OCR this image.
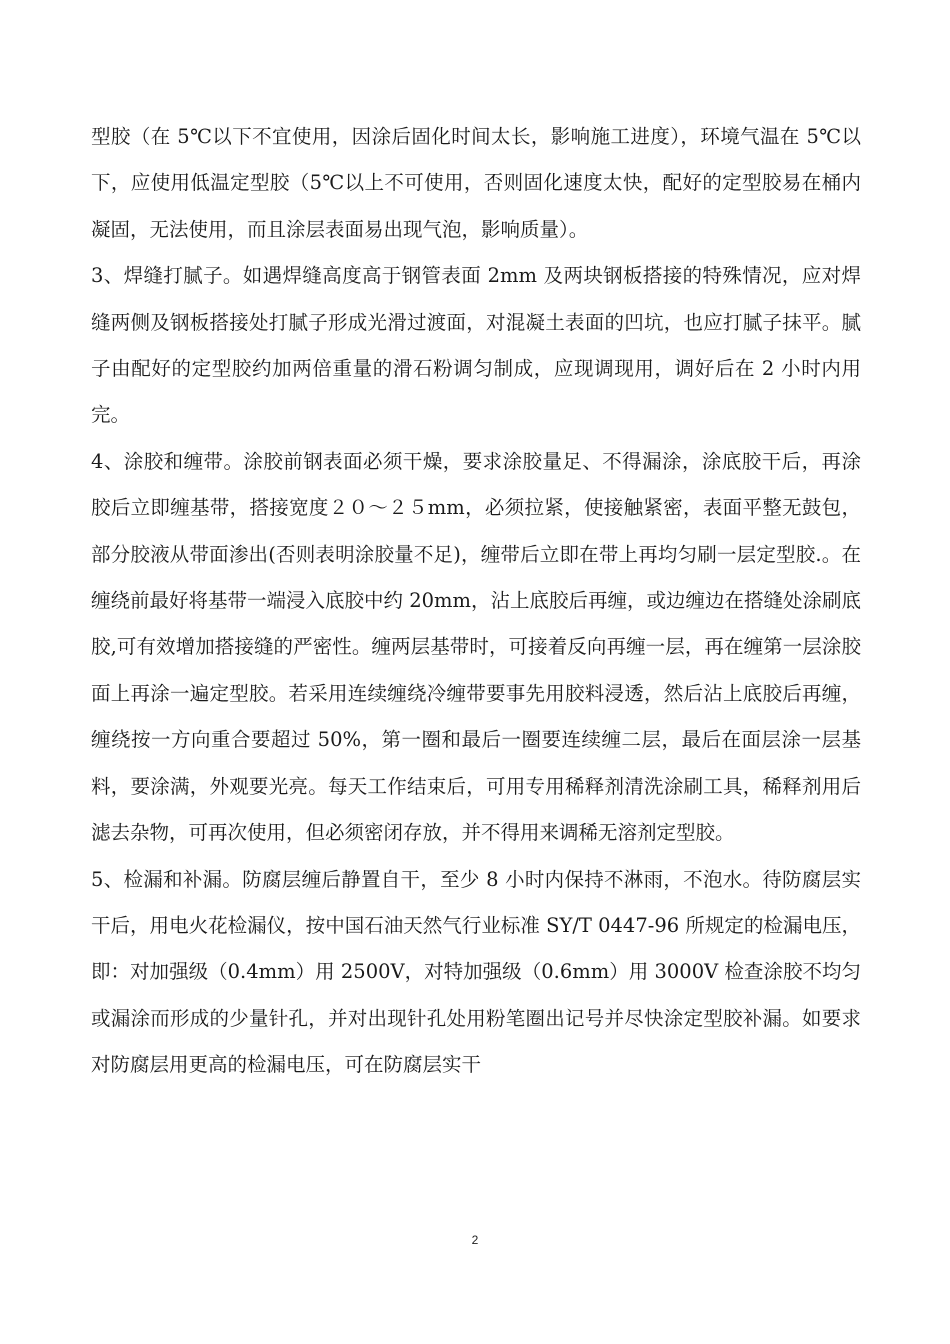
型胶（在 5℃以下不宜使用，因涂后固化时间太长，影响施工进度），环境气温在 5℃以下，应使用低温定型胶（5℃以上不可使用，否则固化速度太快，配好的定型胶易在桶内凝固，无法使用，而且涂层表面易出现气泡，影响质量）。

3、焊缝打腻子。如遇焊缝高度高于钢管表面 2mm 及两块钢板搭接的特殊情况，应对焊缝两侧及钢板搭接处打腻子形成光滑过渡面，对混凝土表面的凹坑，也应打腻子抹平。腻子由配好的定型胶约加两倍重量的滑石粉调匀制成，应现调现用，调好后在 2 小时内用完。

4、涂胶和缠带。涂胶前钢表面必须干燥，要求涂胶量足、不得漏涂，涂底胶干后，再涂胶后立即缠基带，搭接宽度２０～２５mm，必须拉紧，使接触紧密，表面平整无鼓包，部分胶液从带面渗出(否则表明涂胶量不足)，缠带后立即在带上再均匀刷一层定型胶.。在缠绕前最好将基带一端浸入底胶中约 20mm，沾上底胶后再缠，或边缠边在搭缝处涂刷底胶,可有效增加搭接缝的严密性。缠两层基带时，可接着反向再缠一层，再在缠第一层涂胶面上再涂一遍定型胶。若采用连续缠绕冷缠带要事先用胶料浸透，然后沾上底胶后再缠，缠绕按一方向重合要超过 50%，第一圈和最后一圈要连续缠二层，最后在面层涂一层基料，要涂满，外观要光亮。每天工作结束后，可用专用稀释剂清洗涂刷工具，稀释剂用后滤去杂物，可再次使用，但必须密闭存放，并不得用来调稀无溶剂定型胶。

5、检漏和补漏。防腐层缠后静置自干，至少 8 小时内保持不淋雨，不泡水。待防腐层实干后，用电火花检漏仪，按中国石油天然气行业标准 SY/T 0447-96 所规定的检漏电压，即：对加强级（0.4mm）用 2500V，对特加强级（0.6mm）用 3000V 检查涂胶不均匀或漏涂而形成的少量针孔，并对出现针孔处用粉笔圈出记号并尽快涂定型胶补漏。如要求对防腐层用更高的检漏电压，可在防腐层实干

2
